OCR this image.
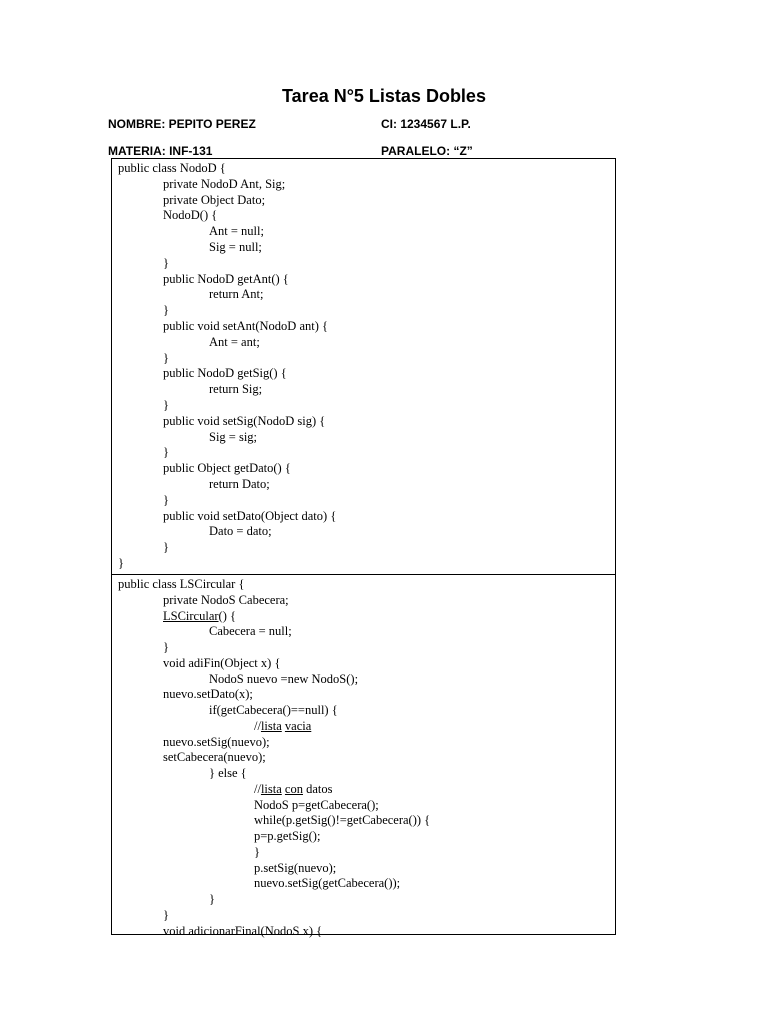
Tarea N°5 Listas Dobles
NOMBRE: PEPITO PEREZ	CI: 1234567 L.P.
MATERIA: INF-131	PARALELO: “Z”
public class NodoD {
private NodoD Ant, Sig;
private Object Dato;
NodoD() {
Ant = null;
Sig = null;
}
public NodoD getAnt() {
return Ant;
}
public void setAnt(NodoD ant) {
Ant = ant;
}
public NodoD getSig() {
return Sig;
}
public void setSig(NodoD sig) {
Sig = sig;
}
public Object getDato() {
return Dato;
}
public void setDato(Object dato) {
Dato = dato;
}
}
public class LSCircular {
private NodoS Cabecera;
LSCircular() {
Cabecera = null;
}
void adiFin(Object x) {
NodoS nuevo =new NodoS();
nuevo.setDato(x);
if(getCabecera()==null) {
//lista vacia
nuevo.setSig(nuevo);
setCabecera(nuevo);
} else {
//lista con datos
NodoS p=getCabecera();
while(p.getSig()!=getCabecera()) {
p=p.getSig();
}
p.setSig(nuevo);
nuevo.setSig(getCabecera());
}
}
void adicionarFinal(NodoS x) {
